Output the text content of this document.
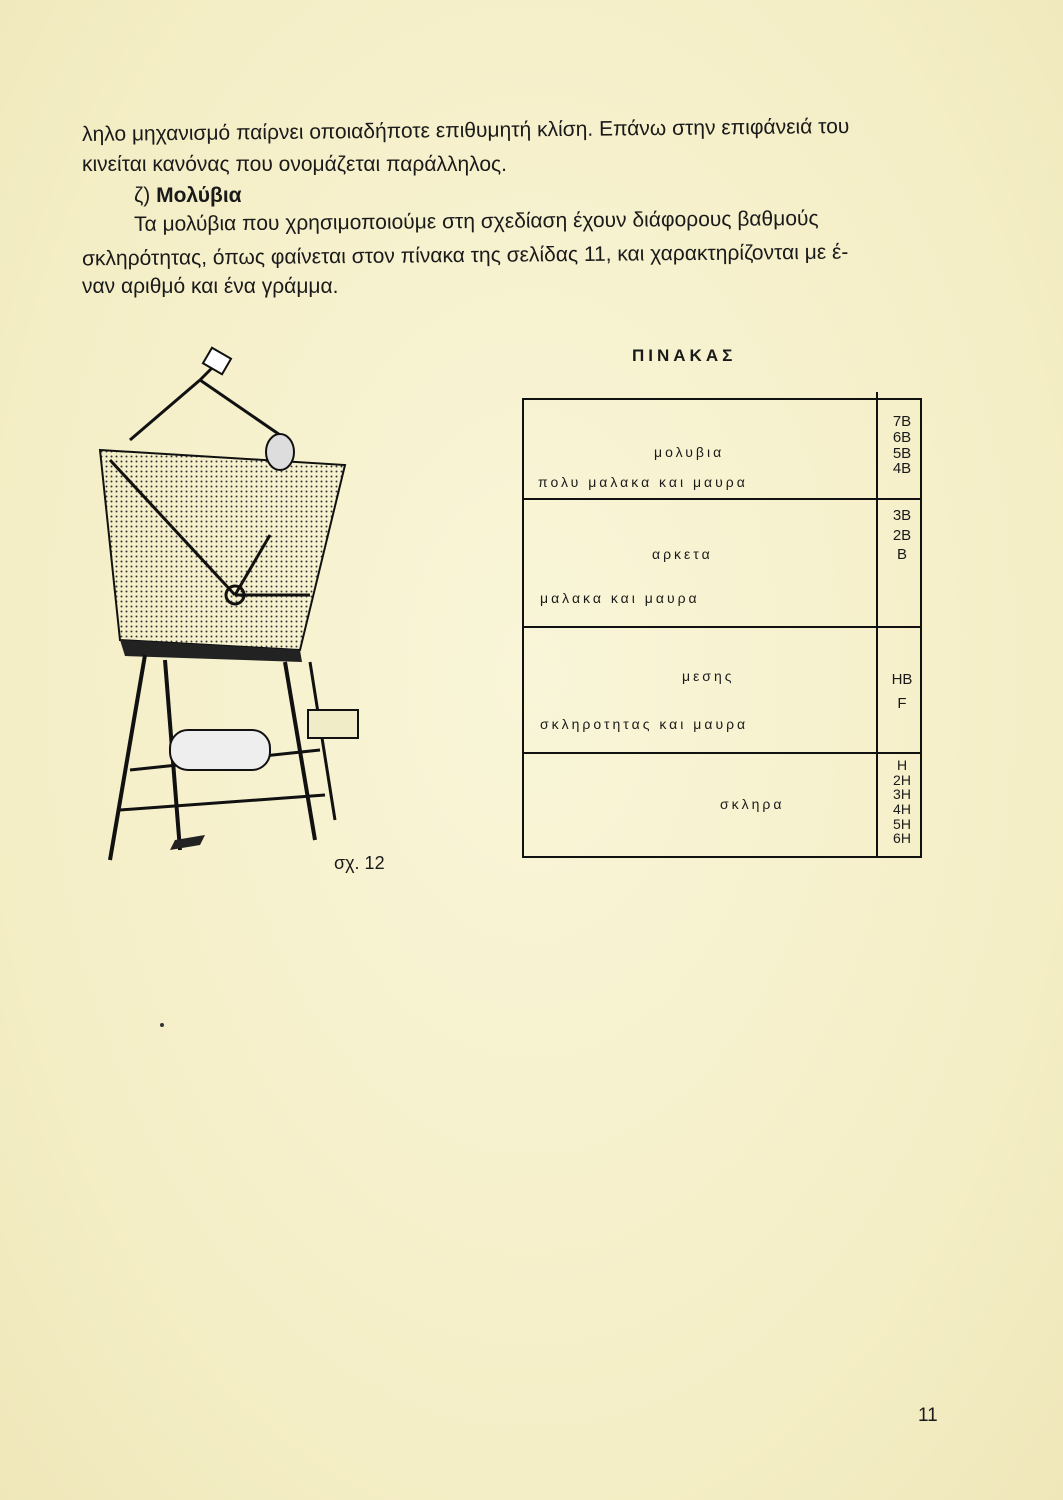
ληλο μηχανισμό παίρνει οποιαδήποτε επιθυμητή κλίση. Επάνω στην επιφάνειά του
κινείται κανόνας που ονομάζεται παράλληλος.
ζ) Μολύβια
Τα μολύβια που χρησιμοποιούμε στη σχεδίαση έχουν διάφορους βαθμούς
σκληρότητας, όπως φαίνεται στον πίνακα της σελίδας 11, και χαρακτηρίζονται με έ-
ναν αριθμό και ένα γράμμα.
σχ. 12
ΠΙΝΑΚΑΣ
μολυβια
πολυ μαλακα και μαυρα
7B
6B
5B
4B
αρκετα
μαλακα και μαυρα
3B
2B
B
μεσης
σκληροτητας και μαυρα
HB
F
σκληρα
H
2H
3H
4H
5H
6H
11
